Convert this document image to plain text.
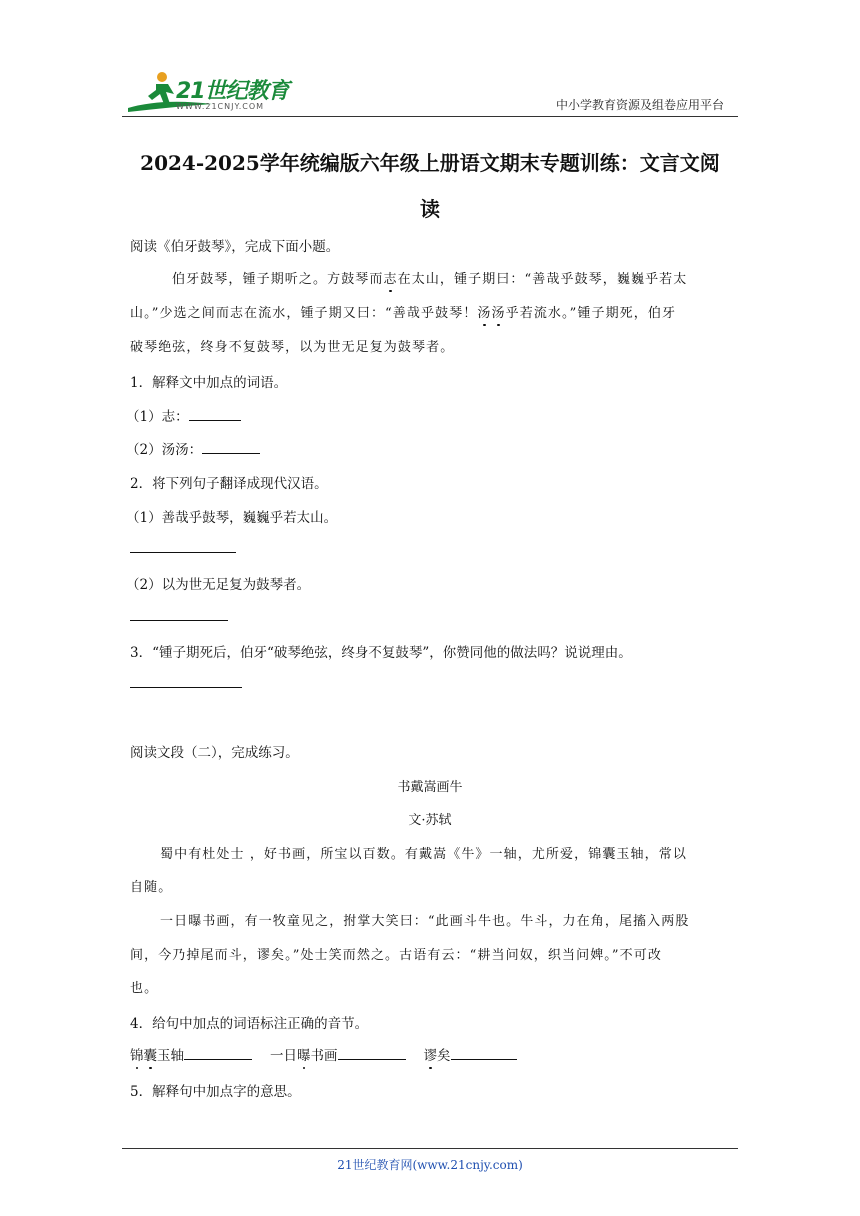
21世纪教育
WWW.21CNJY.COM	中小学教育资源及组卷应用平台
2024-2025学年统编版六年级上册语文期末专题训练：文言文阅
读
阅读《伯牙鼓琴》，完成下面小题。
伯牙鼓琴，锺子期听之。方鼓琴而志在太山，锺子期曰：“善哉乎鼓琴，巍巍乎若太
山。”少选之间而志在流水，锺子期又曰：“善哉乎鼓琴！汤汤乎若流水。”锺子期死，伯牙
破琴绝弦，终身不复鼓琴，以为世无足复为鼓琴者。
1．解释文中加点的词语。
（1）志：
（2）汤汤：
2．将下列句子翻译成现代汉语。
（1）善哉乎鼓琴，巍巍乎若太山。
（2）以为世无足复为鼓琴者。
3．“锺子期死后，伯牙“破琴绝弦，终身不复鼓琴”，你赞同他的做法吗？说说理由。
阅读文段（二），完成练习。
书戴嵩画牛
文·苏轼
蜀中有杜处士 ，好书画，所宝以百数。有戴嵩《牛》一轴，尤所爱，锦囊玉轴，常以
自随。
一日曝书画，有一牧童见之，拊掌大笑曰：“此画斗牛也。牛斗，力在角，尾搐入两股
间，今乃掉尾而斗，谬矣。”处士笑而然之。古语有云：“耕当问奴，织当问婢。”不可改
也。
4．给句中加点的词语标注正确的音节。
锦囊玉轴	一日曝书画	谬矣
5．解释句中加点字的意思。
21世纪教育网(www.21cnjy.com)
